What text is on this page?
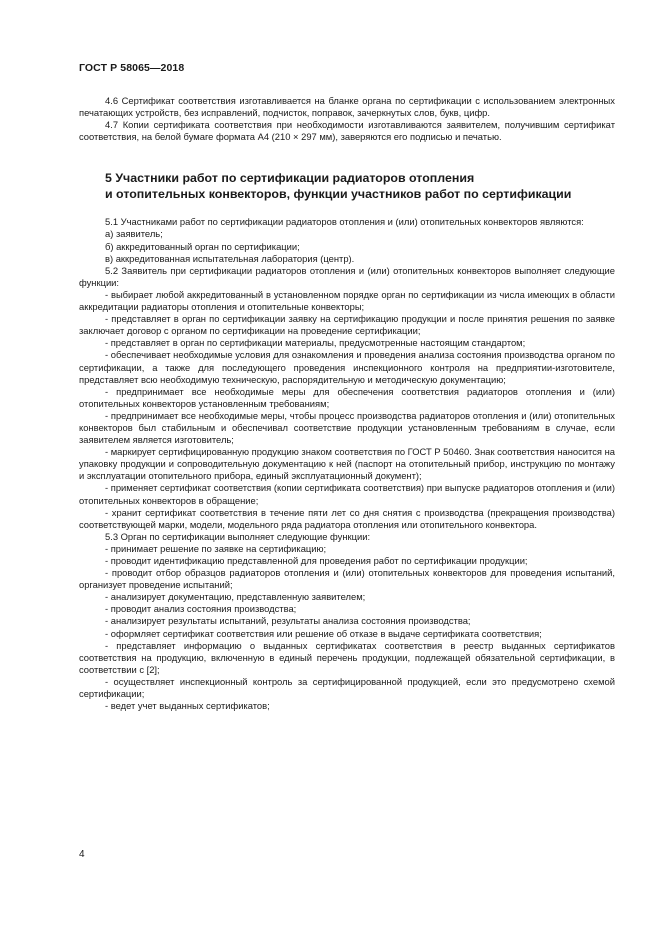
ГОСТ Р 58065—2018

4.6 Сертификат соответствия изготавливается на бланке органа по сертификации с использованием электронных печатающих устройств, без исправлений, подчисток, поправок, зачеркнутых слов, букв, цифр.

4.7 Копии сертификата соответствия при необходимости изготавливаются заявителем, получившим сертификат соответствия, на белой бумаге формата А4 (210 × 297 мм), заверяются его подписью и печатью.

5 Участники работ по сертификации радиаторов отопления
и отопительных конвекторов, функции участников работ по сертификации

5.1 Участниками работ по сертификации радиаторов отопления и (или) отопительных конвекторов являются:

а) заявитель;

б) аккредитованный орган по сертификации;

в) аккредитованная испытательная лаборатория (центр).

5.2 Заявитель при сертификации радиаторов отопления и (или) отопительных конвекторов выполняет следующие функции:

- выбирает любой аккредитованный в установленном порядке орган по сертификации из числа имеющих в области аккредитации радиаторы отопления и отопительные конвекторы;

- представляет в орган по сертификации заявку на сертификацию продукции и после принятия решения по заявке заключает договор с органом по сертификации на проведение сертификации;

- представляет в орган по сертификации материалы, предусмотренные настоящим стандартом;

- обеспечивает необходимые условия для ознакомления и проведения анализа состояния производства органом по сертификации, а также для последующего проведения инспекционного контроля на предприятии-изготовителе, представляет всю необходимую техническую, распорядительную и методическую документацию;

- предпринимает все необходимые меры для обеспечения соответствия радиаторов отопления и (или) отопительных конвекторов установленным требованиям;

- предпринимает все необходимые меры, чтобы процесс производства радиаторов отопления и (или) отопительных конвекторов был стабильным и обеспечивал соответствие продукции установленным требованиям в случае, если заявителем является изготовитель;

- маркирует сертифицированную продукцию знаком соответствия по ГОСТ Р 50460. Знак соответствия наносится на упаковку продукции и сопроводительную документацию к ней (паспорт на отопительный прибор, инструкцию по монтажу и эксплуатации отопительного прибора, единый эксплуатационный документ);

- применяет сертификат соответствия (копии сертификата соответствия) при выпуске радиаторов отопления и (или) отопительных конвекторов в обращение;

- хранит сертификат соответствия в течение пяти лет со дня снятия с производства (прекращения производства) соответствующей марки, модели, модельного ряда радиатора отопления или отопительного конвектора.

5.3 Орган по сертификации выполняет следующие функции:

- принимает решение по заявке на сертификацию;

- проводит идентификацию представленной для проведения работ по сертификации продукции;

- проводит отбор образцов радиаторов отопления и (или) отопительных конвекторов для проведения испытаний, организует проведение испытаний;

- анализирует документацию, представленную заявителем;

- проводит анализ состояния производства;

- анализирует результаты испытаний, результаты анализа состояния производства;

- оформляет сертификат соответствия или решение об отказе в выдаче сертификата соответствия;

- представляет информацию о выданных сертификатах соответствия в реестр выданных сертификатов соответствия на продукцию, включенную в единый перечень продукции, подлежащей обязательной сертификации, в соответствии с [2];

- осуществляет инспекционный контроль за сертифицированной продукцией, если это предусмотрено схемой сертификации;

- ведет учет выданных сертификатов;

4
